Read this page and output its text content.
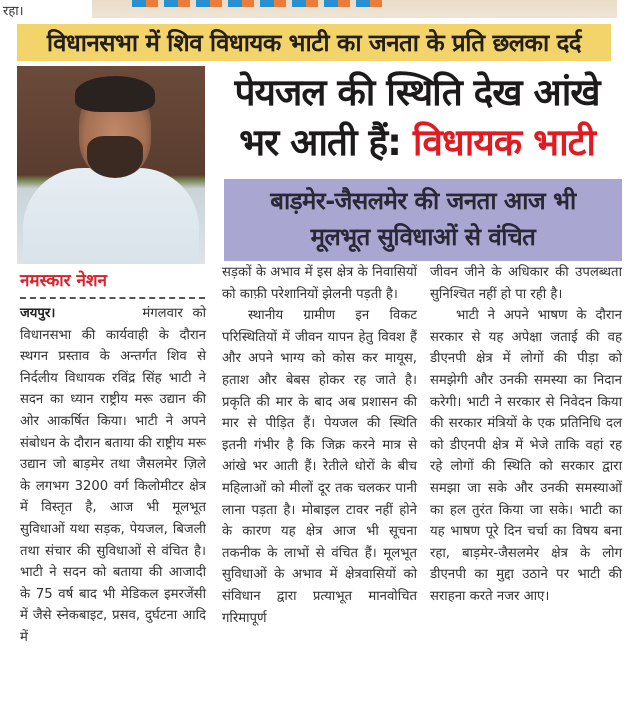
रहा।
विधानसभा में शिव विधायक भाटी का जनता के प्रति छलका दर्द
पेयजल की स्थिति देख आंखे
भर आती हैं: विधायक भाटी
बाड़मेर-जैसलमेर की जनता आज भी
मूलभूत सुविधाओं से वंचित
नमस्कार नेशन

जयपुर।	मंगलवार को विधानसभा की कार्यवाही के दौरान स्थगन प्रस्ताव के अन्तर्गत शिव से निर्दलीय विधायक रविंद्र सिंह भाटी ने सदन का ध्यान राष्ट्रीय मरू उद्यान की ओर आकर्षित किया। भाटी ने अपने संबोधन के दौरान बताया की राष्ट्रीय मरू उद्यान जो बाड़मेर तथा जैसलमेर ज़िले के लगभग 3200 वर्ग किलोमीटर क्षेत्र में विस्तृत है, आज भी मूलभूत सुविधाओं यथा सड़क, पेयजल, बिजली तथा संचार की सुविधाओं से वंचित है। भाटी ने सदन को बताया की आजादी के 75 वर्ष बाद भी मेडिकल इमरजेंसी में जैसे स्नेकबाइट, प्रसव, दुर्घटना आदि में

सड़कों के अभाव में इस क्षेत्र के निवासियों को काफ़ी परेशानियों झेलनी पड़ती है।

स्थानीय ग्रामीण इन विकट परिस्थितियों में जीवन यापन हेतु विवश हैं और अपने भाग्य को कोस कर मायूस, हताश और बेबस होकर रह जाते है। प्रकृति की मार के बाद अब प्रशासन की मार से पीड़ित हैं। पेयजल की स्थिति इतनी गंभीर है कि जिक्र करने मात्र से आंखे भर आती हैं। रेतीले धोरों के बीच महिलाओं को मीलों दूर तक चलकर पानी लाना पड़ता है। मोबाइल टावर नहीं होने के कारण यह क्षेत्र आज भी सूचना तकनीक के लाभों से वंचित हैं। मूलभूत सुविधाओं के अभाव में क्षेत्रवासियों को संविधान द्वारा प्रत्याभूत मानवोचित गरिमापूर्ण

जीवन जीने के अधिकार की उपलब्धता सुनिश्चित नहीं हो पा रही है।

भाटी ने अपने भाषण के दौरान सरकार से यह अपेक्षा जताई की वह डीएनपी क्षेत्र में लोगों की पीड़ा को समझेगी और उनकी समस्या का निदान करेगी। भाटी ने सरकार से निवेदन किया की सरकार मंत्रियों के एक प्रतिनिधि दल को डीएनपी क्षेत्र में भेजे ताकि वहां रह रहे लोगों की स्थिति को सरकार द्वारा समझा जा सके और उनकी समस्याओं का हल तुरंत किया जा सके। भाटी का यह भाषण पूरे दिन चर्चा का विषय बना रहा, बाड़मेर-जैसलमेर क्षेत्र के लोग डीएनपी का मुद्दा उठाने पर भाटी की सराहना करते नजर आए।
